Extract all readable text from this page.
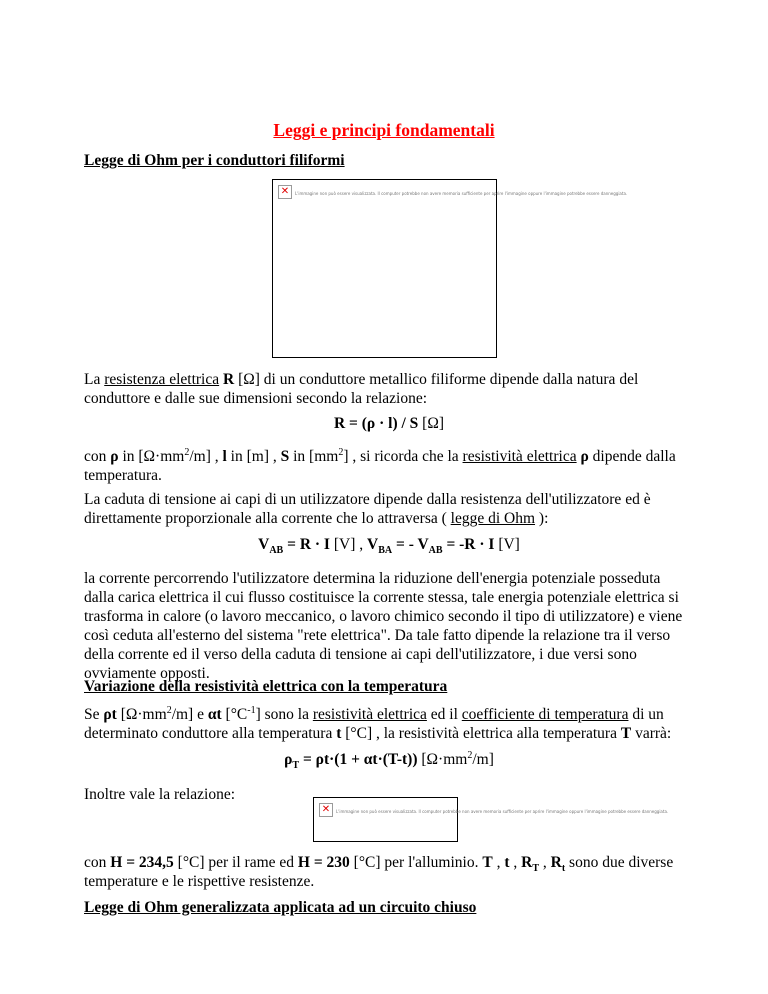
Leggi e principi fondamentali
Legge di Ohm per i conduttori filiformi
✕ L'immagine non può essere visualizzata. Il computer potrebbe non avere memoria sufficiente per aprire l'immagine oppure l'immagine potrebbe essere danneggiata.
La resistenza elettrica R [Ω] di un conduttore metallico filiforme dipende dalla natura del conduttore e dalle sue dimensioni secondo la relazione:
R = (ρ · l) / S [Ω]
con ρ in $[\Omega\cdot mm^2/m]$ , l in [m] , S in $[mm^2]$ , si ricorda che la resistività elettrica ρ dipende dalla temperatura.
La caduta di tensione ai capi di un utilizzatore dipende dalla resistenza dell'utilizzatore ed è direttamente proporzionale alla corrente che lo attraversa ( legge di Ohm ):
$V_{AB} = R \cdot I$ [V] , $V_{BA}$ = - $V_{AB} = -R \cdot I$ [V]
la corrente percorrendo l'utilizzatore determina la riduzione dell'energia potenziale posseduta dalla carica elettrica il cui flusso costituisce la corrente stessa, tale energia potenziale elettrica si trasforma in calore (o lavoro meccanico, o lavoro chimico secondo il tipo di utilizzatore) e viene così ceduta all'esterno del sistema "rete elettrica". Da tale fatto dipende la relazione tra il verso della corrente ed il verso della caduta di tensione ai capi dell'utilizzatore, i due versi sono ovviamente opposti.
Variazione della resistività elettrica con la temperatura
Se ρt $[\Omega\cdot mm^2/m]$ e αt $[^\circ C^{-1}]$ sono la resistività elettrica ed il coefficiente di temperatura di un determinato conduttore alla temperatura t [°C] , la resistività elettrica alla temperatura T varrà:
$\rho_T = \rho t\cdot(1 + \alpha t\cdot(T-t))$ $[\Omega\cdot mm^2/m]$
Inoltre vale la relazione:
✕ L'immagine non può essere visualizzata. Il computer potrebbe non avere memoria sufficiente per aprire l'immagine oppure l'immagine potrebbe essere danneggiata.
con H = 234,5 [°C] per il rame ed H = 230 [°C] per l'alluminio. T , t , $R_T$ , $R_t$ sono due diverse temperature e le rispettive resistenze.
Legge di Ohm generalizzata applicata ad un circuito chiuso
